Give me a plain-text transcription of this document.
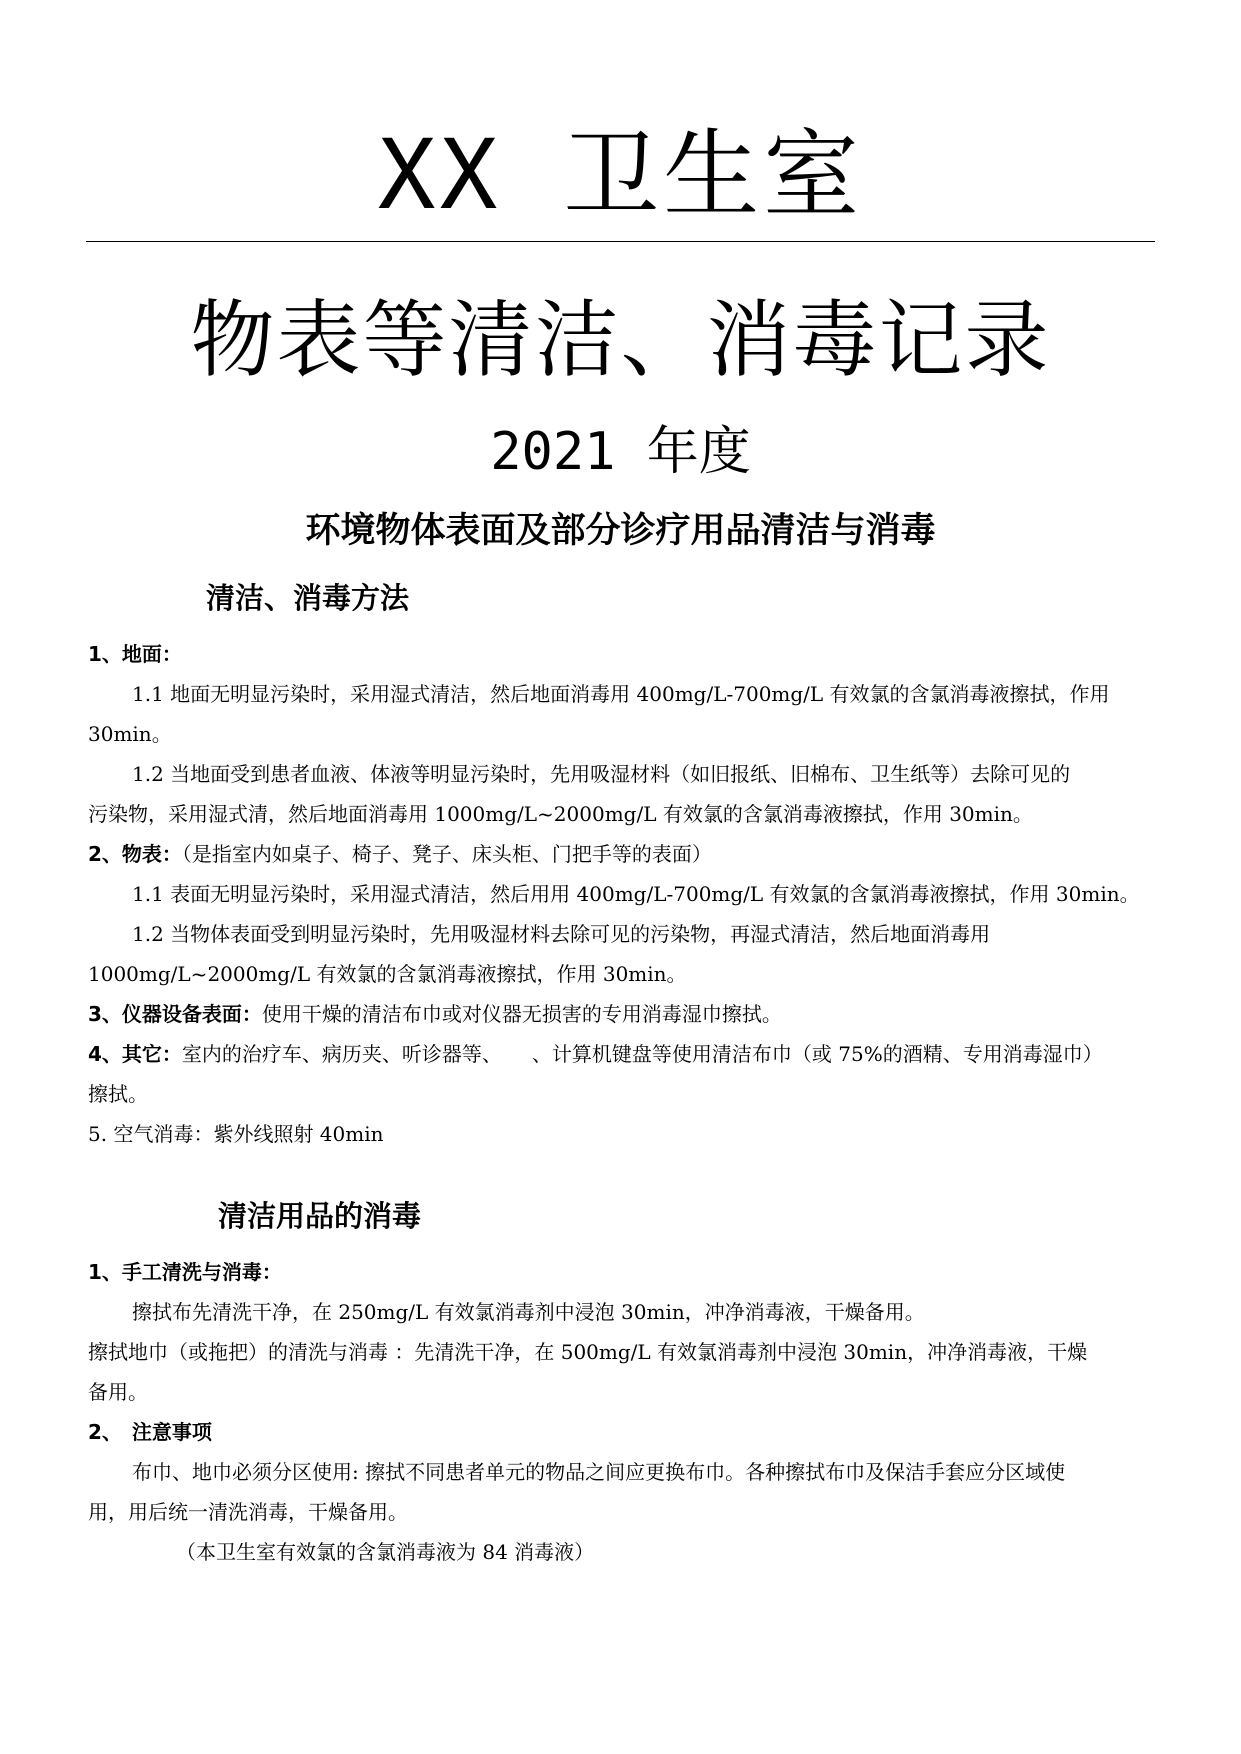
XX 卫生室
物表等清洁、消毒记录
2021 年度
环境物体表面及部分诊疗用品清洁与消毒
清洁、消毒方法
1、地面：
1.1 地面无明显污染时，采用湿式清洁，然后地面消毒用 400mg/L-700mg/L 有效氯的含氯消毒液擦拭，作用
30min。
1.2 当地面受到患者血液、体液等明显污染时，先用吸湿材料（如旧报纸、旧棉布、卫生纸等）去除可见的
污染物，采用湿式清，然后地面消毒用 1000mg/L~2000mg/L 有效氯的含氯消毒液擦拭，作用 30min。
2、物表：（是指室内如桌子、椅子、凳子、床头柜、门把手等的表面）
1.1 表面无明显污染时，采用湿式清洁，然后用用 400mg/L-700mg/L 有效氯的含氯消毒液擦拭，作用 30min。
1.2 当物体表面受到明显污染时，先用吸湿材料去除可见的污染物，再湿式清洁，然后地面消毒用
1000mg/L~2000mg/L 有效氯的含氯消毒液擦拭，作用 30min。
3、仪器设备表面：使用干燥的清洁布巾或对仪器无损害的专用消毒湿巾擦拭。
4、其它：室内的治疗车、病历夹、听诊器等、　　、计算机键盘等使用清洁布巾（或 75%的酒精、专用消毒湿巾）
擦拭。
5. 空气消毒：紫外线照射 40min
清洁用品的消毒
1、手工清洗与消毒：
擦拭布先清洗干净，在 250mg/L 有效氯消毒剂中浸泡 30min，冲净消毒液，干燥备用。
擦拭地巾（或拖把）的清洗与消毒 ：先清洗干净，在 500mg/L 有效氯消毒剂中浸泡 30min，冲净消毒液，干燥
备用。
2、　注意事项
布巾、地巾必须分区使用: 擦拭不同患者单元的物品之间应更换布巾。各种擦拭布巾及保洁手套应分区域使
用，用后统一清洗消毒，干燥备用。
（本卫生室有效氯的含氯消毒液为 84 消毒液）
